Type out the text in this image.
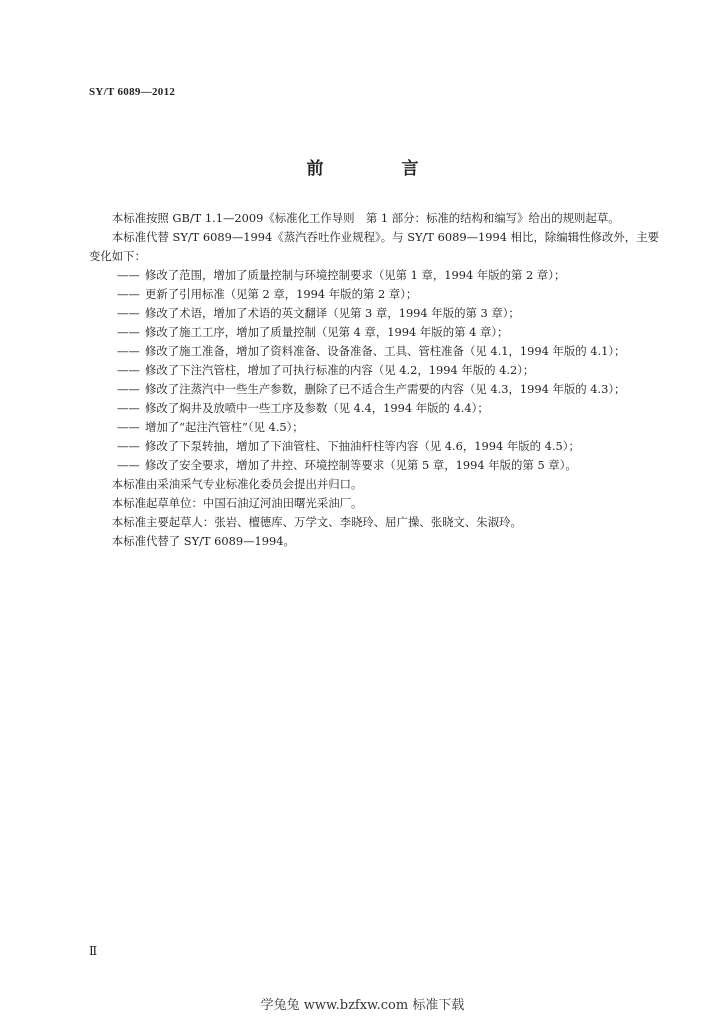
SY/T 6089—2012
前 言

本标准按照 GB/T 1.1—2009《标准化工作导则　第 1 部分：标准的结构和编写》给出的规则起草。

本标准代替 SY/T 6089—1994《蒸汽吞吐作业规程》。与 SY/T 6089—1994 相比，除编辑性修改外，主要变化如下：

—— 修改了范围，增加了质量控制与环境控制要求（见第 1 章，1994 年版的第 2 章）；

—— 更新了引用标准（见第 2 章，1994 年版的第 2 章）；

—— 修改了术语，增加了术语的英文翻译（见第 3 章，1994 年版的第 3 章）；

—— 修改了施工工序，增加了质量控制（见第 4 章，1994 年版的第 4 章）；

—— 修改了施工准备，增加了资料准备、设备准备、工具、管柱准备（见 4.1，1994 年版的 4.1）；

—— 修改了下注汽管柱，增加了可执行标准的内容（见 4.2，1994 年版的 4.2）；

—— 修改了注蒸汽中一些生产参数，删除了已不适合生产需要的内容（见 4.3，1994 年版的 4.3）；

—— 修改了焖井及放喷中一些工序及参数（见 4.4，1994 年版的 4.4）；

—— 增加了“起注汽管柱”（见 4.5）；

—— 修改了下泵转抽，增加了下油管柱、下抽油杆柱等内容（见 4.6，1994 年版的 4.5）；

—— 修改了安全要求，增加了井控、环境控制等要求（见第 5 章，1994 年版的第 5 章）。

本标准由采油采气专业标准化委员会提出并归口。

本标准起草单位：中国石油辽河油田曙光采油厂。

本标准主要起草人：张岩、檀德库、万学文、李晓玲、屈广操、张晓文、朱淑玲。

本标准代替了 SY/T 6089—1994。

Ⅱ
学兔兔 www.bzfxw.com 标准下载
